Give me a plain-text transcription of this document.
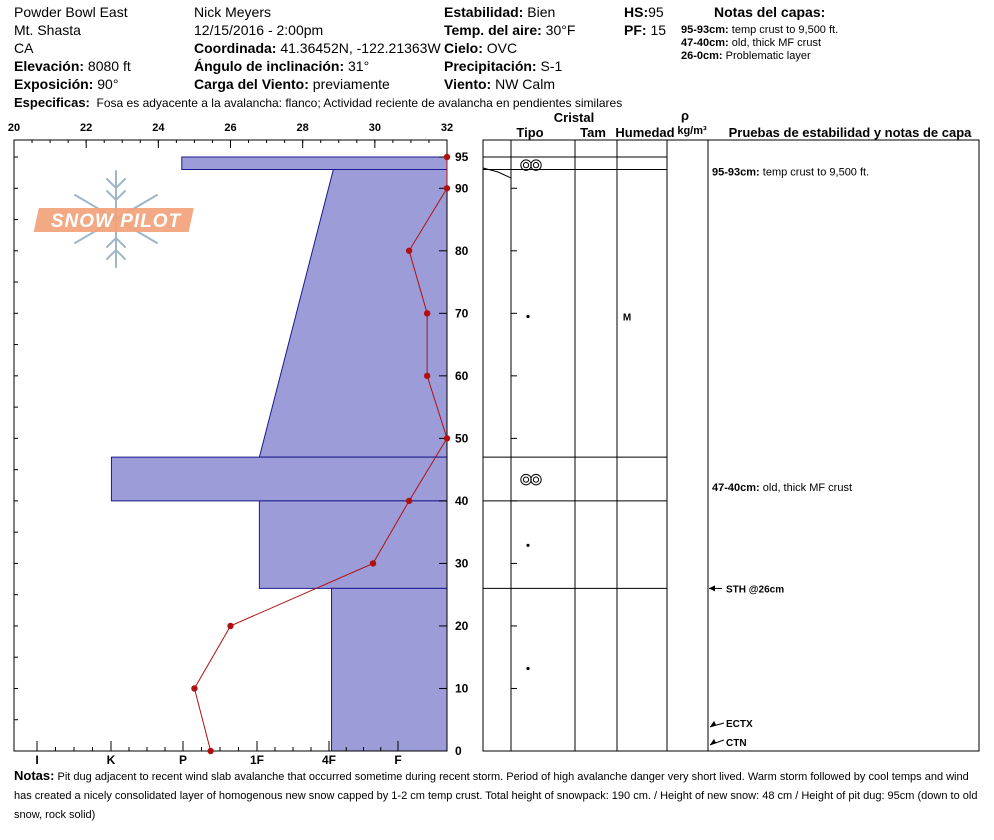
Powder Bowl East
Mt. Shasta
CA
Elevación: 8080 ft
Exposición: 90°
Nick Meyers
12/15/2016 - 2:00pm
Coordinada: 41.36452N, -122.21363W
Ángulo de inclinación: 31°
Carga del Viento: previamente
Estabilidad: Bien
Temp. del aire: 30°F
Cielo: OVC
Precipitación: S-1
Viento: NW Calm
HS:95
PF: 15
Notas del capas:
95-93cm: temp crust to 9,500 ft.
47-40cm: old, thick MF crust
26-0cm: Problematic layer
Especificas: Fosa es adyacente a la avalancha: flanco; Actividad reciente de avalancha en pendientes similares
SNOW PILOT
20	22	24	26	28	30	32
0
10
20
30
40
50
60
70
80
90
95
I	K	P	1F	4F	F
M
95-93cm: temp crust to 9,500 ft.
47-40cm: old, thick MF crust
STH @26cm
ECTX
CTN
Cristal
Tipo	Tam Humedad
ρ
kg/m³ Pruebas de estabilidad y notas de capa
Notas: Pit dug adjacent to recent wind slab avalanche that occurred sometime during recent storm. Period of high avalanche danger very short lived. Warm storm followed by cool temps and wind has created a nicely consolidated layer of homogenous new snow capped by 1-2 cm temp crust. Total height of snowpack: 190 cm. / Height of new snow: 48 cm / Height of pit dug: 95cm (down to old snow, rock solid)
